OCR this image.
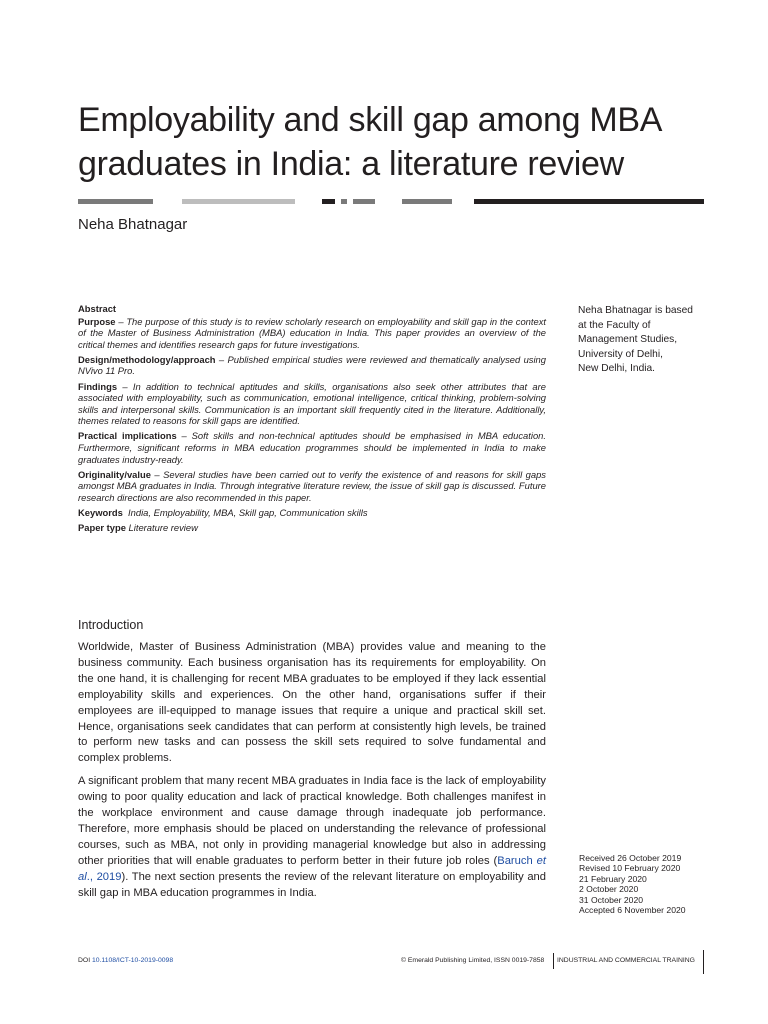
Employability and skill gap among MBA
graduates in India: a literature review
Neha Bhatnagar
Abstract

Purpose – The purpose of this study is to review scholarly research on employability and skill gap in the context of the Master of Business Administration (MBA) education in India. This paper provides an overview of the critical themes and identifies research gaps for future investigations.

Design/methodology/approach – Published empirical studies were reviewed and thematically analysed using NVivo 11 Pro.

Findings – In addition to technical aptitudes and skills, organisations also seek other attributes that are associated with employability, such as communication, emotional intelligence, critical thinking, problem-solving skills and interpersonal skills. Communication is an important skill frequently cited in the literature. Additionally, themes related to reasons for skill gaps are identified.

Practical implications – Soft skills and non-technical aptitudes should be emphasised in MBA education. Furthermore, significant reforms in MBA education programmes should be implemented in India to make graduates industry-ready.

Originality/value – Several studies have been carried out to verify the existence of and reasons for skill gaps amongst MBA graduates in India. Through integrative literature review, the issue of skill gap is discussed. Future research directions are also recommended in this paper.

Keywords India, Employability, MBA, Skill gap, Communication skills

Paper type Literature review

Neha Bhatnagar is based
at the Faculty of
Management Studies,
University of Delhi,
New Delhi, India.
Introduction

Worldwide, Master of Business Administration (MBA) provides value and meaning to the business community. Each business organisation has its requirements for employability. On the one hand, it is challenging for recent MBA graduates to be employed if they lack essential employability skills and experiences. On the other hand, organisations suffer if their employees are ill-equipped to manage issues that require a unique and practical skill set. Hence, organisations seek candidates that can perform at consistently high levels, be trained to perform new tasks and can possess the skill sets required to solve fundamental and complex problems.

A significant problem that many recent MBA graduates in India face is the lack of employability owing to poor quality education and lack of practical knowledge. Both challenges manifest in the workplace environment and cause damage through inadequate job performance. Therefore, more emphasis should be placed on understanding the relevance of professional courses, such as MBA, not only in providing managerial knowledge but also in addressing other priorities that will enable graduates to perform better in their future job roles (Baruch et al., 2019). The next section presents the review of the relevant literature on employability and skill gap in MBA education programmes in India.

Received 26 October 2019
Revised 10 February 2020
21 February 2020
2 October 2020
31 October 2020
Accepted 6 November 2020
DOI 10.1108/ICT-10-2019-0098	© Emerald Publishing Limited, ISSN 0019-7858 INDUSTRIAL AND COMMERCIAL TRAINING
